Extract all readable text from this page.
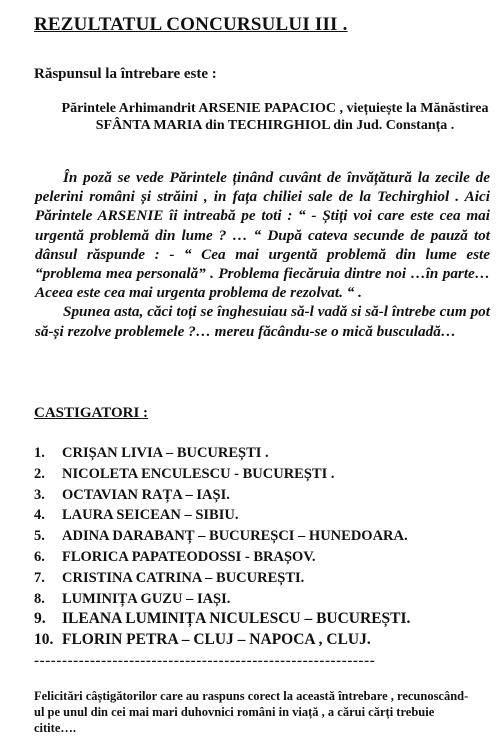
REZULTATUL CONCURSULUI III .
Răspunsul la întrebare este :
Părintele Arhimandrit ARSENIE PAPACIOC , viețuiește la Mănăstirea SFÂNTA MARIA din TECHIRGHIOL din Jud. Constanța .

În poză se vede Părintele ținând cuvânt de învățătură la zecile de pelerini români și străini , in fața chiliei sale de la Techirghiol . Aici Părintele ARSENIE îi intreabă pe toti : “ - Știți voi care este cea mai urgentă problemă din lume ? … “ După cateva secunde de pauză tot dânsul răspunde : - “ Cea mai urgentă problemă din lume este “problema mea personală” . Problema fiecăruia dintre noi …în parte… Aceea este cea mai urgenta problema de rezolvat. “ .

Spunea asta, căci toți se înghesuiau să-l vadă si să-l întrebe cum pot să-și rezolve problemele ?… mereu făcându-se o mică busculadă…

CASTIGATORI :
1. CRIȘAN LIVIA – BUCUREȘTI .
2. NICOLETA ENCULESCU - BUCUREȘTI .
3. OCTAVIAN RAȚA – IAȘI.
4. LAURA SEICEAN – SIBIU.
5. ADINA DARABANȚ – BUCUREȘCI – HUNEDOARA.
6. FLORICA PAPATEODOSSI - BRAȘOV.
7. CRISTINA CATRINA – BUCUREȘTI.
8. LUMINIȚA GUZU – IAȘI.
9. ILEANA LUMINIȚA NICULESCU – BUCUREȘTI.
10. FLORIN PETRA – CLUJ – NAPOCA , CLUJ.
-------------------------------------------------------------
Felicitări câștigătorilor care au raspuns corect la această întrebare , recunoscând-ul pe unul din cei mai mari duhovnici români in viață , a cărui cărți trebuie citite….
